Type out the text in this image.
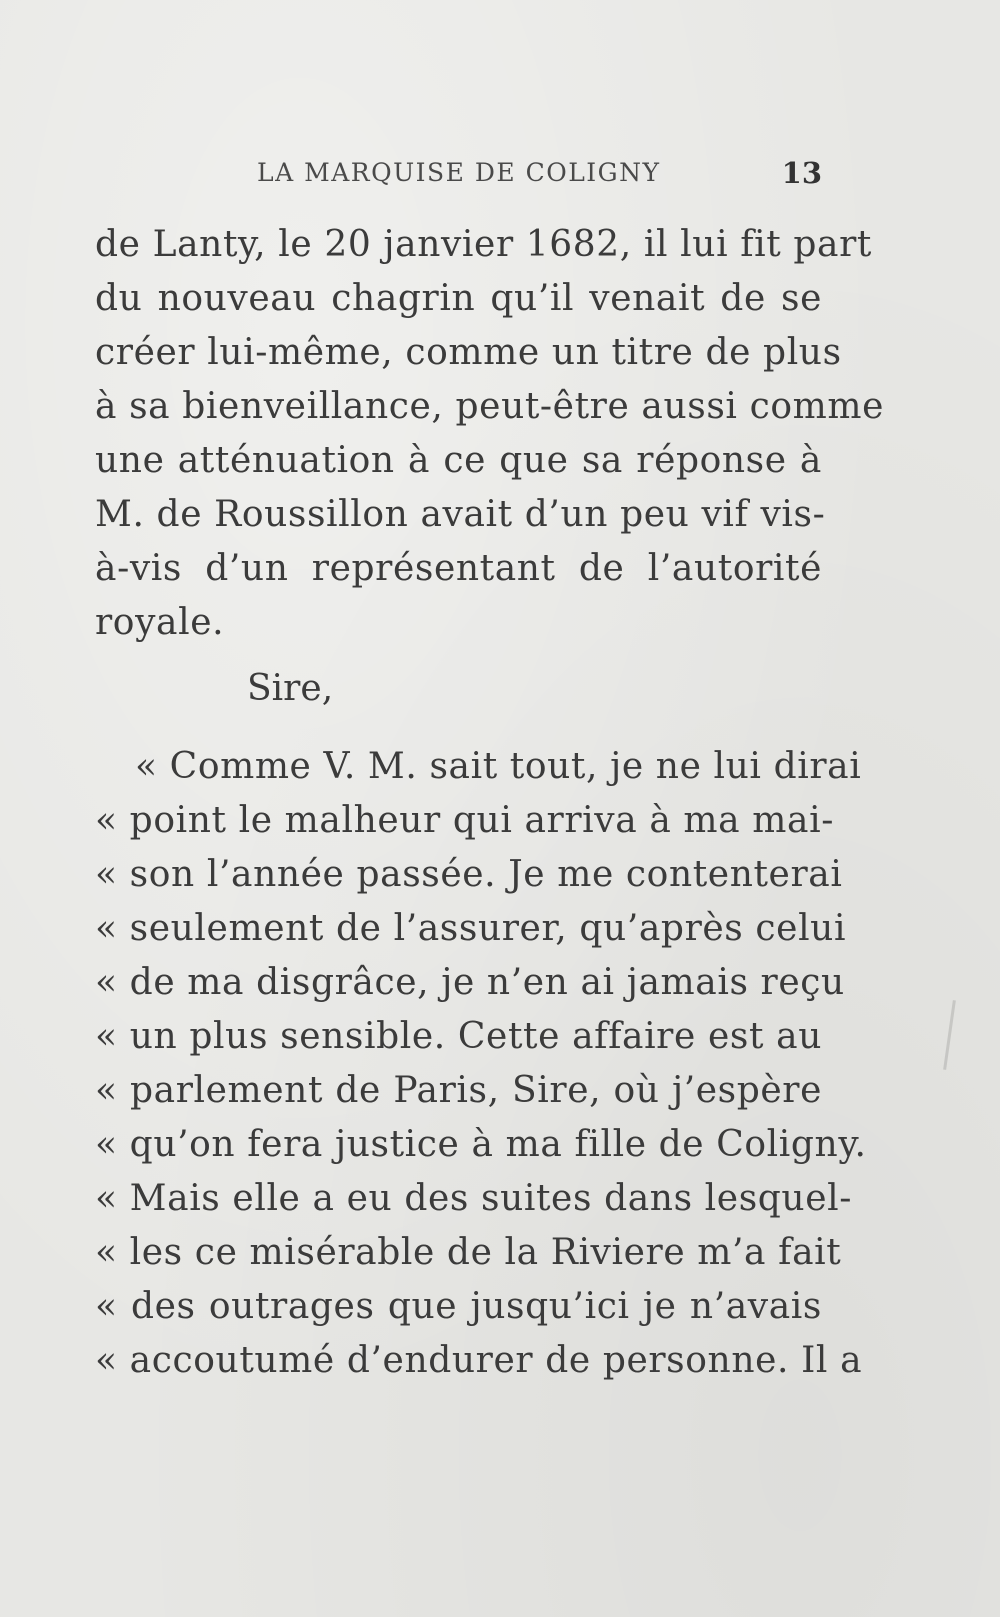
LA MARQUISE DE COLIGNY	13
de Lanty, le 20 janvier 1682, il lui fit part
du nouveau chagrin qu’il venait de se
créer lui-même, comme un titre de plus
à sa bienveillance, peut-être aussi comme
une atténuation à ce que sa réponse à
M. de Roussillon avait d’un peu vif vis-
à-vis d’un représentant de l’autorité
royale.
Sire,
« Comme V. M. sait tout, je ne lui dirai
« point le malheur qui arriva à ma mai-
« son l’année passée. Je me contenterai
« seulement de l’assurer, qu’après celui
« de ma disgrâce, je n’en ai jamais reçu
« un plus sensible. Cette affaire est au
« parlement de Paris, Sire, où j’espère
« qu’on fera justice à ma fille de Coligny.
« Mais elle a eu des suites dans lesquel-
« les ce misérable de la Riviere m’a fait
« des outrages que jusqu’ici je n’avais
« accoutumé d’endurer de personne. Il a
